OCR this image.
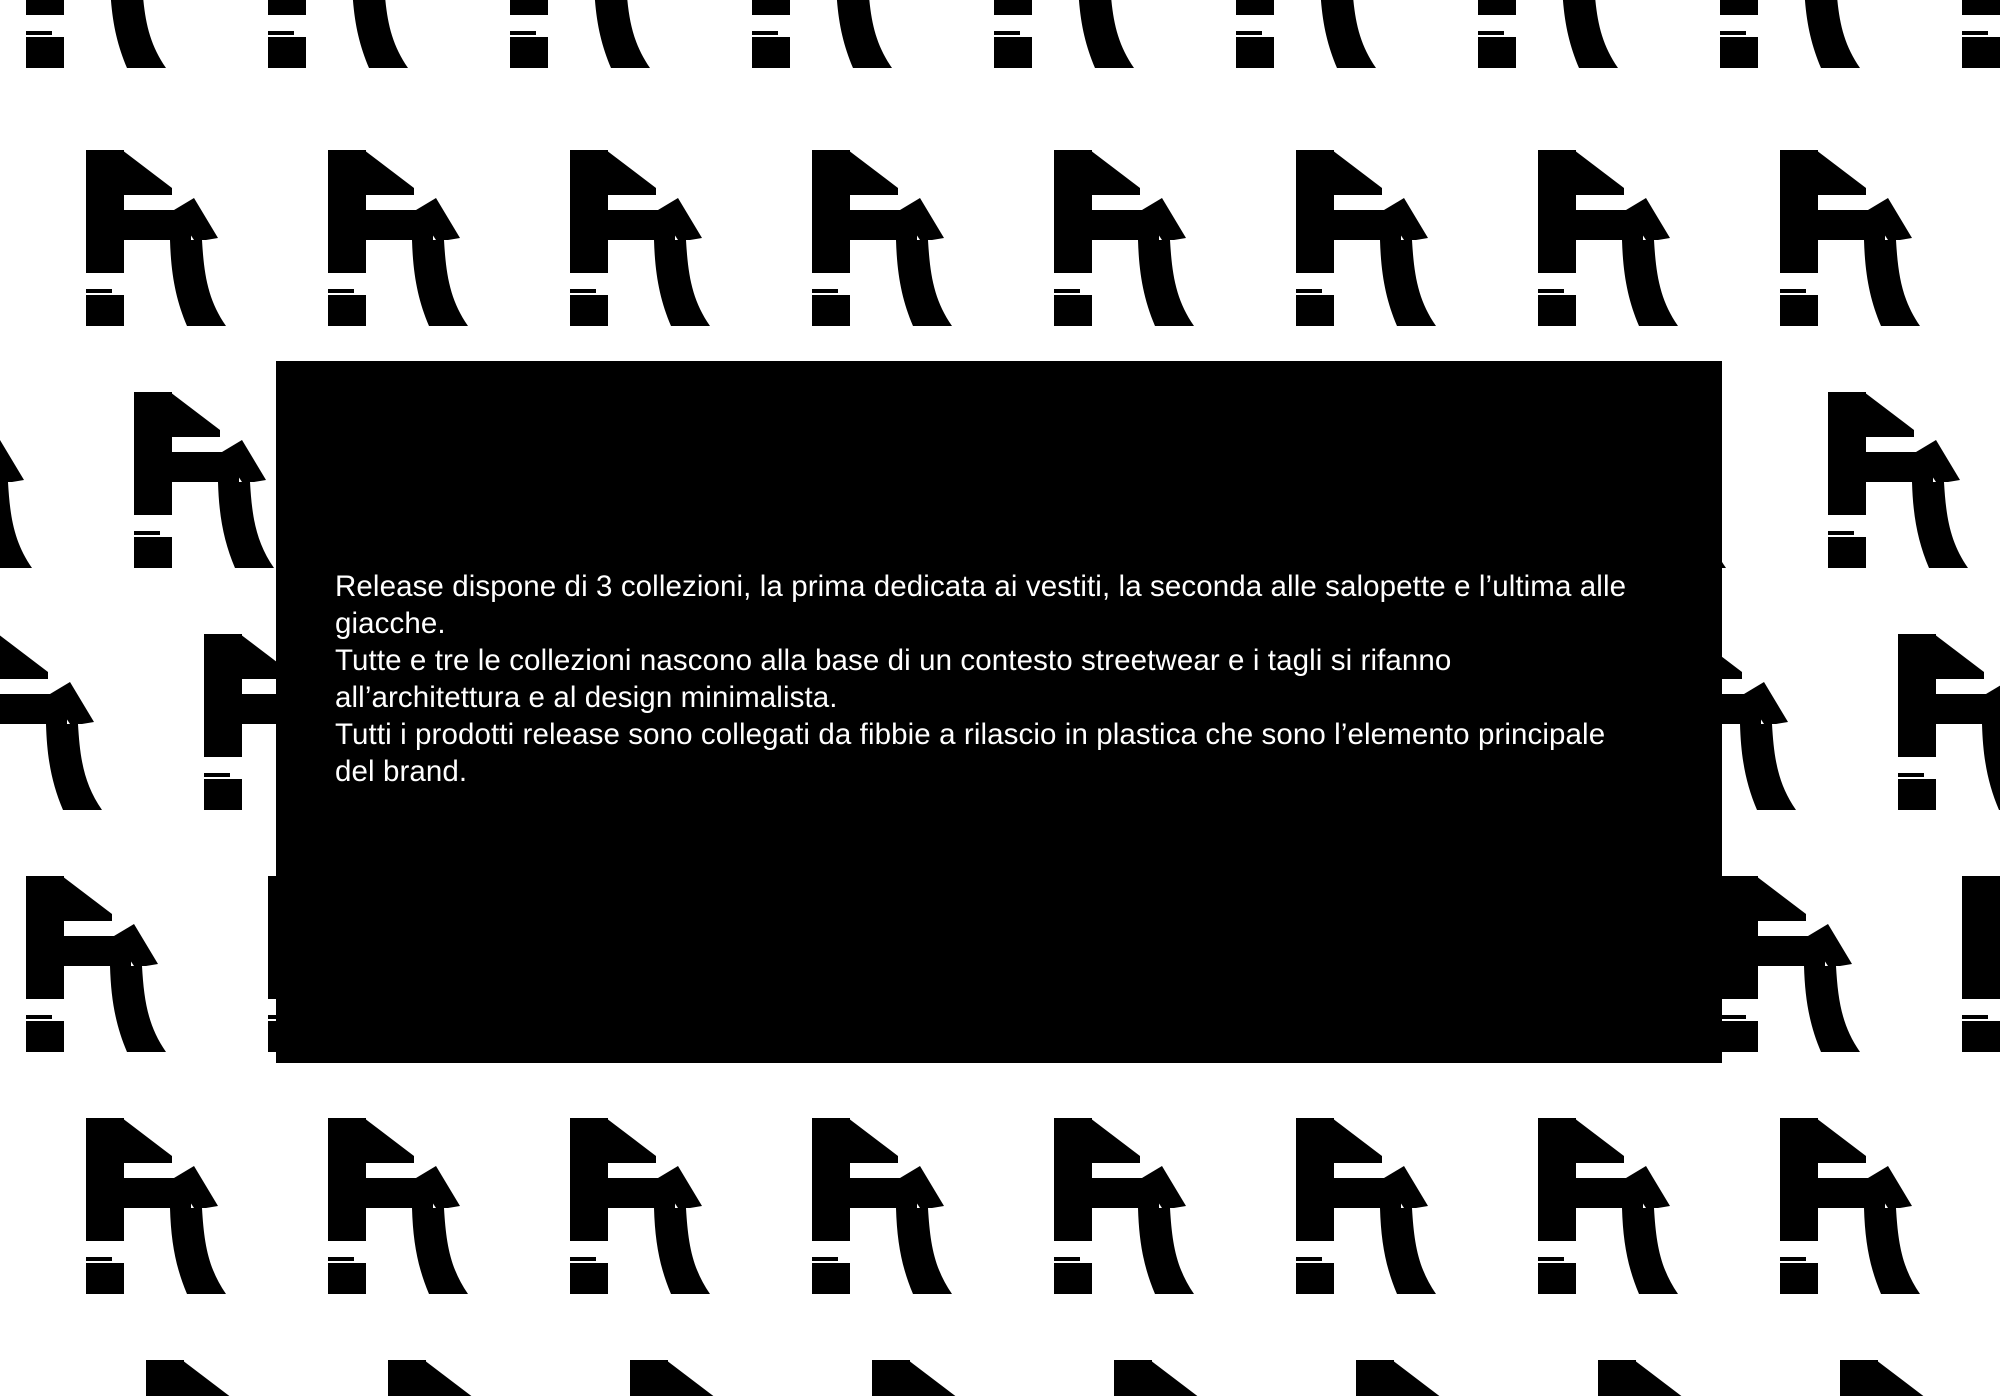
Release dispone di 3 collezioni, la prima dedicata ai vestiti, la seconda alle salopette e l’ultima alle giacche.

Tutte e tre le collezioni nascono alla base di un contesto streetwear e i tagli si rifanno all’architettura e al design minimalista.

Tutti i prodotti release sono collegati da fibbie a rilascio in plastica che sono l’elemento principale del brand.
